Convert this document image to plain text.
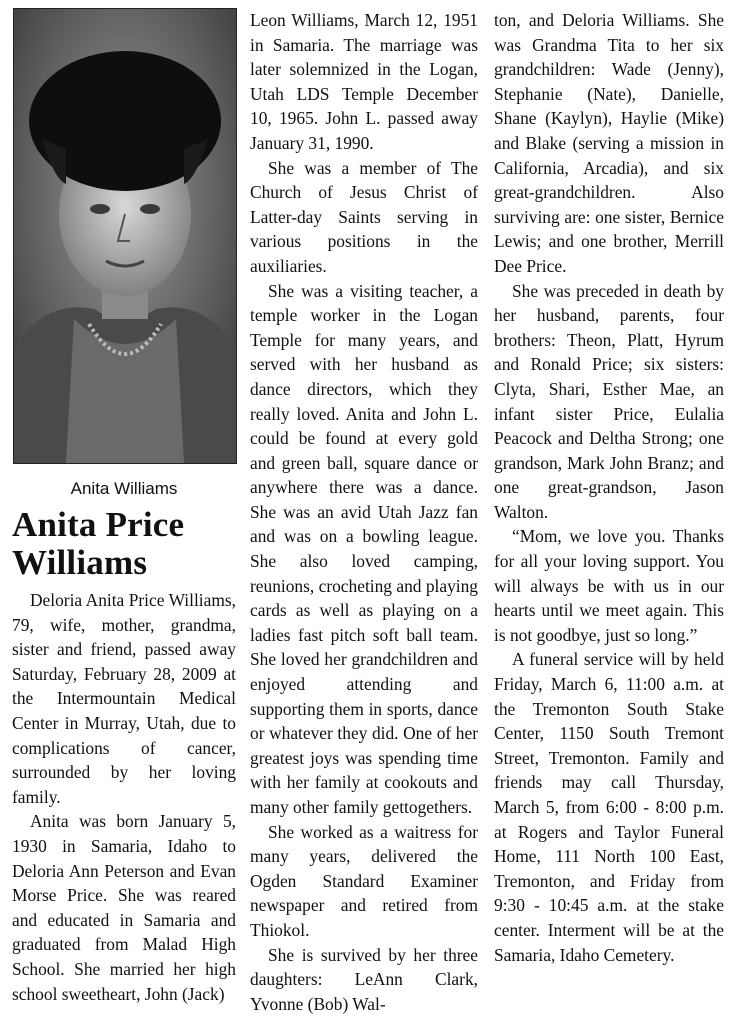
Anita Williams
Anita Price
Williams

Deloria Anita Price Williams, 79, wife, mother, grandma, sister and friend, passed away Saturday, February 28, 2009 at the Intermountain Medical Center in Murray, Utah, due to complications of cancer, surrounded by her loving family.

Anita was born January 5, 1930 in Samaria, Idaho to Deloria Ann Peterson and Evan Morse Price. She was reared and educated in Samaria and graduated from Malad High School. She married her high school sweetheart, John (Jack)

Leon Williams, March 12, 1951 in Samaria. The marriage was later solemnized in the Logan, Utah LDS Temple December 10, 1965. John L. passed away January 31, 1990.

She was a member of The Church of Jesus Christ of Latter-day Saints serving in various positions in the auxiliaries.

She was a visiting teacher, a temple worker in the Logan Temple for many years, and served with her husband as dance directors, which they really loved. Anita and John L. could be found at every gold and green ball, square dance or anywhere there was a dance. She was an avid Utah Jazz fan and was on a bowling league. She also loved camping, reunions, crocheting and playing cards as well as playing on a ladies fast pitch soft ball team. She loved her grandchildren and enjoyed attending and supporting them in sports, dance or whatever they did. One of her greatest joys was spending time with her family at cookouts and many other family gettogethers.

She worked as a waitress for many years, delivered the Ogden Standard Examiner newspaper and retired from Thiokol.

She is survived by her three daughters: LeAnn Clark, Yvonne (Bob) Wal-

ton, and Deloria Williams. She was Grandma Tita to her six grandchildren: Wade (Jenny), Stephanie (Nate), Danielle, Shane (Kaylyn), Haylie (Mike) and Blake (serving a mission in California, Arcadia), and six great-grandchildren. Also surviving are: one sister, Bernice Lewis; and one brother, Merrill Dee Price.

She was preceded in death by her husband, parents, four brothers: Theon, Platt, Hyrum and Ronald Price; six sisters: Clyta, Shari, Esther Mae, an infant sister Price, Eulalia Peacock and Deltha Strong; one grandson, Mark John Branz; and one great-grandson, Jason Walton.

“Mom, we love you. Thanks for all your loving support. You will always be with us in our hearts until we meet again. This is not goodbye, just so long.”

A funeral service will by held Friday, March 6, 11:00 a.m. at the Tremonton South Stake Center, 1150 South Tremont Street, Tremonton. Family and friends may call Thursday, March 5, from 6:00 - 8:00 p.m. at Rogers and Taylor Funeral Home, 111 North 100 East, Tremonton, and Friday from 9:30 - 10:45 a.m. at the stake center. Interment will be at the Samaria, Idaho Cemetery.
